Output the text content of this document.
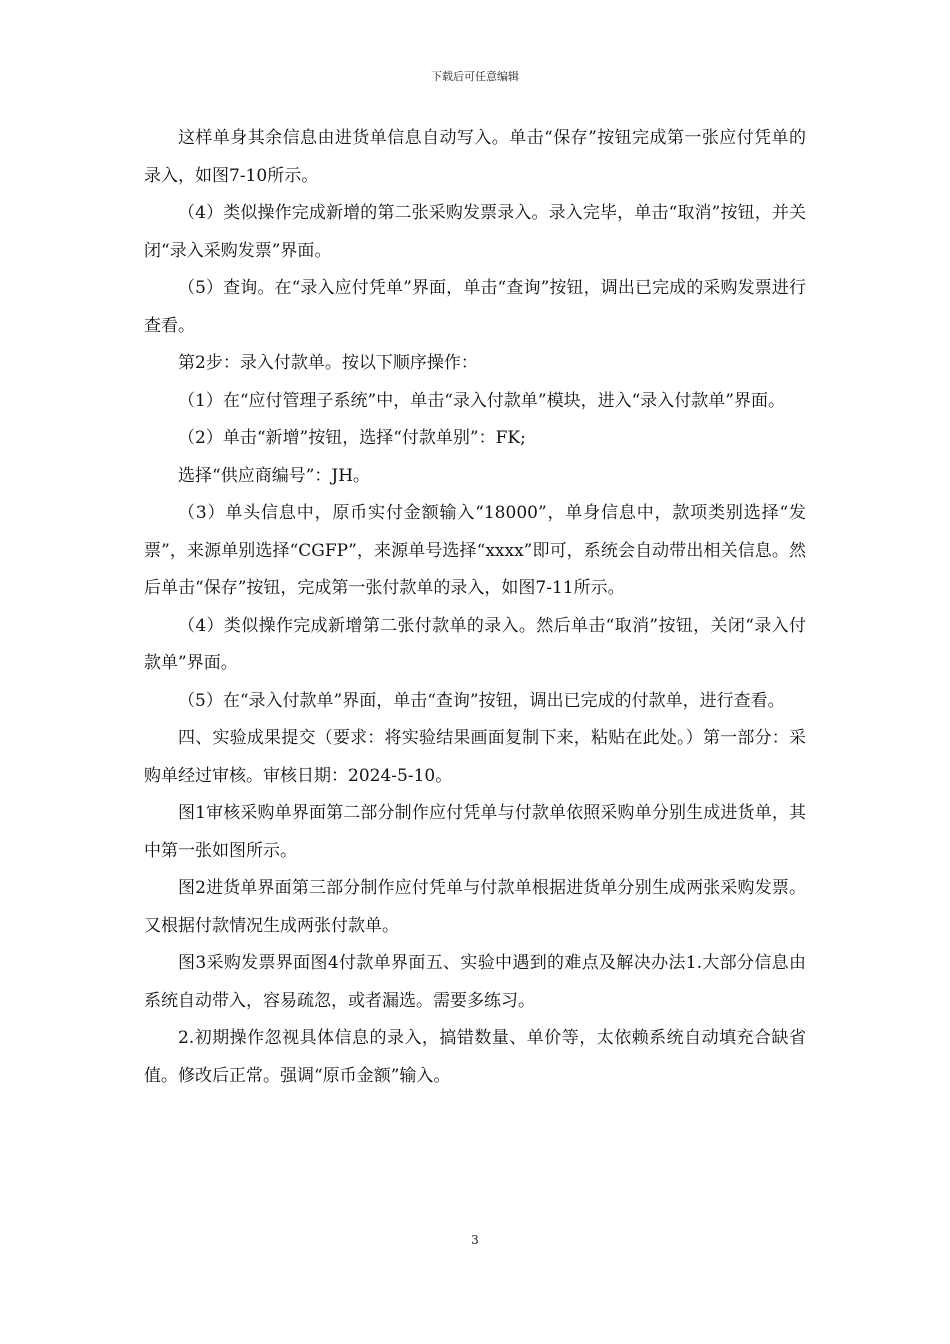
下载后可任意编辑

这样单身其余信息由进货单信息自动写入。单击“保存”按钮完成第一张应付凭单的录入，如图7-10所示。

（4）类似操作完成新增的第二张采购发票录入。录入完毕，单击“取消”按钮，并关闭“录入采购发票”界面。

（5）查询。在“录入应付凭单”界面，单击“查询”按钮，调出已完成的采购发票进行查看。

第2步：录入付款单。按以下顺序操作：

（1）在“应付管理子系统”中，单击“录入付款单”模块，进入“录入付款单”界面。

（2）单击“新增”按钮，选择“付款单别”：FK;

选择“供应商编号”：JH。

（3）单头信息中，原币实付金额输入“18000”，单身信息中，款项类别选择“发票”，来源单别选择“CGFP”，来源单号选择“xxxx”即可，系统会自动带出相关信息。然后单击“保存”按钮，完成第一张付款单的录入，如图7-11所示。

（4）类似操作完成新增第二张付款单的录入。然后单击“取消”按钮，关闭“录入付款单”界面。

（5）在“录入付款单”界面，单击“查询”按钮，调出已完成的付款单，进行查看。

四、实验成果提交（要求：将实验结果画面复制下来，粘贴在此处。）第一部分：采购单经过审核。审核日期：2024-5-10。

图1审核采购单界面第二部分制作应付凭单与付款单依照采购单分别生成进货单，其中第一张如图所示。

图2进货单界面第三部分制作应付凭单与付款单根据进货单分别生成两张采购发票。又根据付款情况生成两张付款单。

图3采购发票界面图4付款单界面五、实验中遇到的难点及解决办法1.大部分信息由系统自动带入，容易疏忽，或者漏选。需要多练习。

2.初期操作忽视具体信息的录入，搞错数量、单价等，太依赖系统自动填充合缺省值。修改后正常。强调“原币金额”输入。

3
